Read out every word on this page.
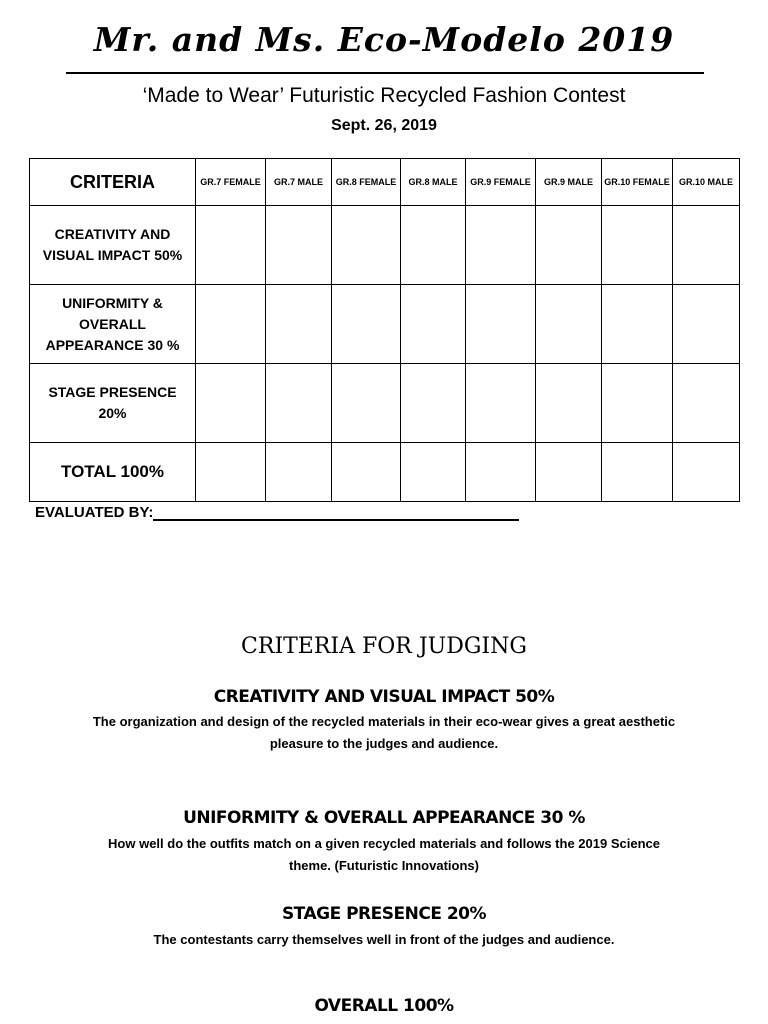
Mr. and Ms. Eco-Modelo 2019
‘Made to Wear’ Futuristic Recycled Fashion Contest
Sept. 26, 2019
CRITERIA	GR.7 FEMALE	GR.7 MALE	GR.8 FEMALE	GR.8 MALE	GR.9 FEMALE	GR.9 MALE	GR.10 FEMALE	GR.10 MALE

CREATIVITY AND
VISUAL IMPACT 50%								

UNIFORMITY &
OVERALL
APPEARANCE 30 %								

STAGE PRESENCE
20%								

TOTAL 100%								
EVALUATED BY:
CRITERIA FOR JUDGING
CREATIVITY AND VISUAL IMPACT 50%
The organization and design of the recycled materials in their eco-wear gives a great aesthetic pleasure to the judges and audience.
UNIFORMITY & OVERALL APPEARANCE 30 %
How well do the outfits match on a given recycled materials and follows the 2019 Science theme. (Futuristic Innovations)
STAGE PRESENCE 20%
The contestants carry themselves well in front of the judges and audience.
OVERALL 100%
